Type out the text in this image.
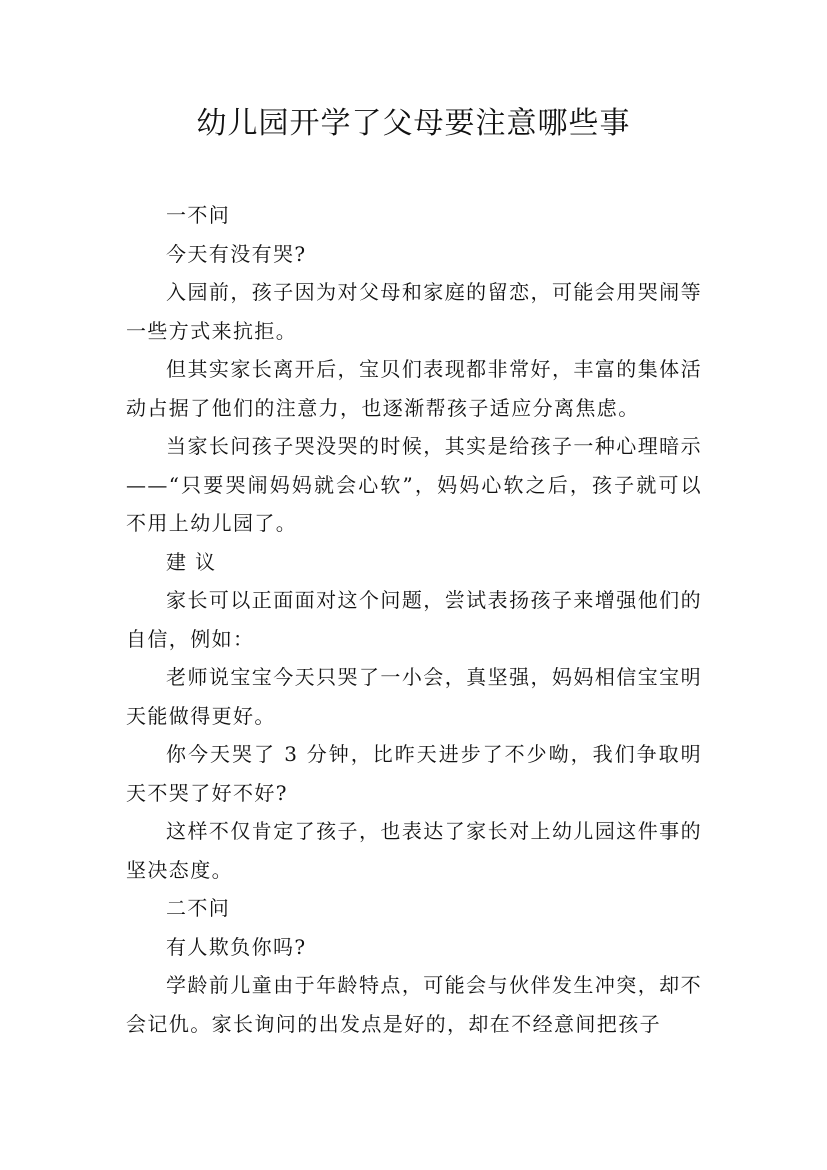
幼儿园开学了父母要注意哪些事

一不问

今天有没有哭?

入园前，孩子因为对父母和家庭的留恋，可能会用哭闹等一些方式来抗拒。

但其实家长离开后，宝贝们表现都非常好，丰富的集体活动占据了他们的注意力，也逐渐帮孩子适应分离焦虑。

当家长问孩子哭没哭的时候，其实是给孩子一种心理暗示——“只要哭闹妈妈就会心软”，妈妈心软之后，孩子就可以不用上幼儿园了。

建 议

家长可以正面面对这个问题，尝试表扬孩子来增强他们的自信，例如：

老师说宝宝今天只哭了一小会，真坚强，妈妈相信宝宝明天能做得更好。

你今天哭了 3 分钟，比昨天进步了不少呦，我们争取明天不哭了好不好?

这样不仅肯定了孩子，也表达了家长对上幼儿园这件事的坚决态度。

二不问

有人欺负你吗?

学龄前儿童由于年龄特点，可能会与伙伴发生冲突，却不会记仇。家长询问的出发点是好的，却在不经意间把孩子
